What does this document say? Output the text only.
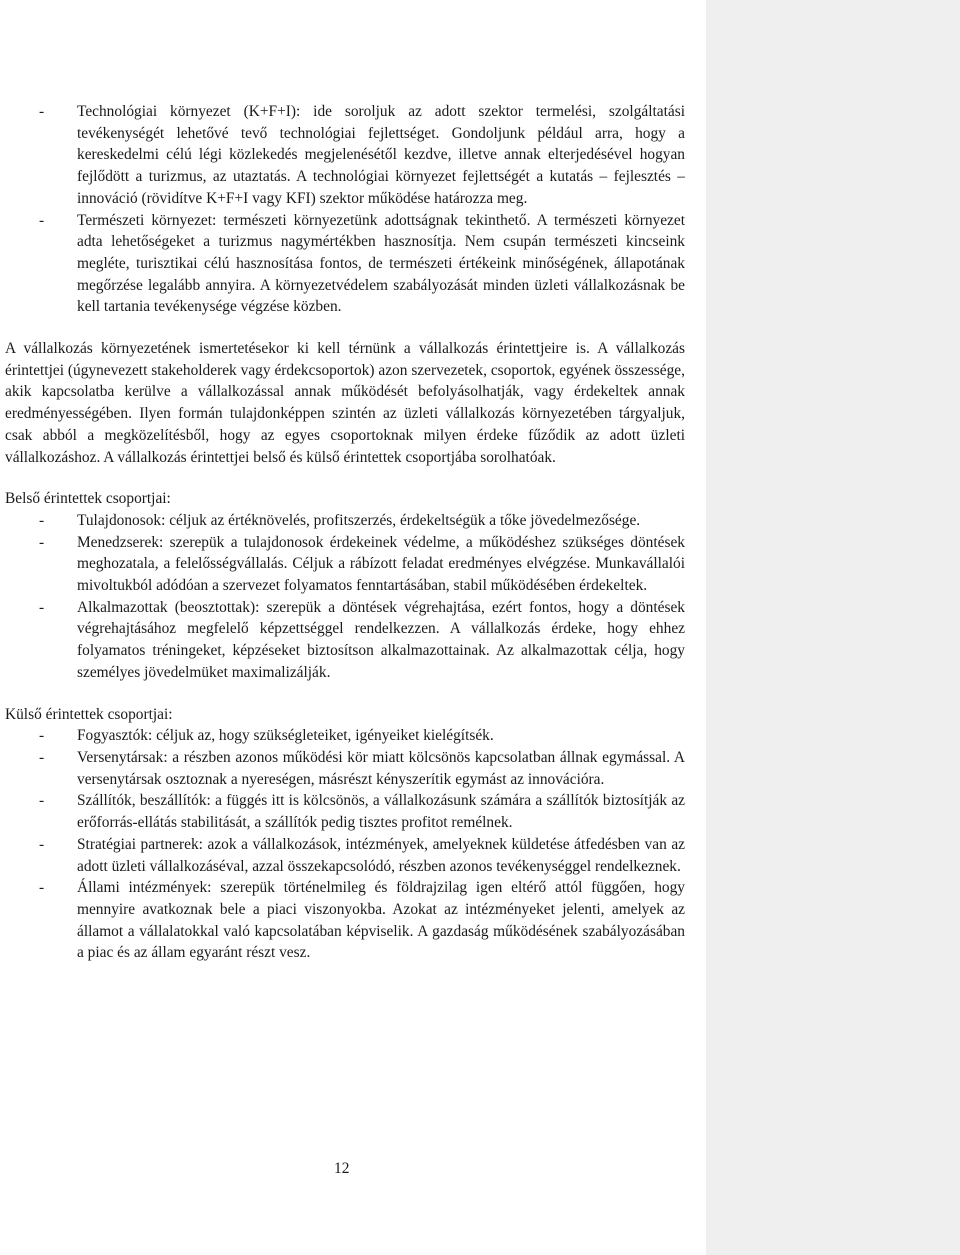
- Technológiai környezet (K+F+I): ide soroljuk az adott szektor termelési, szolgáltatási tevékenységét lehetővé tevő technológiai fejlettséget. Gondoljunk például arra, hogy a kereskedelmi célú légi közlekedés megjelenésétől kezdve, illetve annak elterjedésével hogyan fejlődött a turizmus, az utaztatás. A technológiai környezet fejlettségét a kutatás – fejlesztés – innováció (rövidítve K+F+I vagy KFI) szektor működése határozza meg.

- Természeti környezet: természeti környezetünk adottságnak tekinthető. A természeti környezet adta lehetőségeket a turizmus nagymértékben hasznosítja. Nem csupán természeti kincseink megléte, turisztikai célú hasznosítása fontos, de természeti értékeink minőségének, állapotának megőrzése legalább annyira. A környezetvédelem szabályozását minden üzleti vállalkozásnak be kell tartania tevékenysége végzése közben.

A vállalkozás környezetének ismertetésekor ki kell térnünk a vállalkozás érintettjeire is. A vállalkozás érintettjei (úgynevezett stakeholderek vagy érdekcsoportok) azon szervezetek, csoportok, egyének összessége, akik kapcsolatba kerülve a vállalkozással annak működését befolyásolhatják, vagy érdekeltek annak eredményességében. Ilyen formán tulajdonképpen szintén az üzleti vállalkozás környezetében tárgyaljuk, csak abból a megközelítésből, hogy az egyes csoportoknak milyen érdeke fűződik az adott üzleti vállalkozáshoz. A vállalkozás érintettjei belső és külső érintettek csoportjába sorolhatóak.

Belső érintettek csoportjai:

- Tulajdonosok: céljuk az értéknövelés, profitszerzés, érdekeltségük a tőke jövedelmezősége.

- Menedzserek: szerepük a tulajdonosok érdekeinek védelme, a működéshez szükséges döntések meghozatala, a felelősségvállalás. Céljuk a rábízott feladat eredményes elvégzése. Munkavállalói mivoltukból adódóan a szervezet folyamatos fenntartásában, stabil működésében érdekeltek.

- Alkalmazottak (beosztottak): szerepük a döntések végrehajtása, ezért fontos, hogy a döntések végrehajtásához megfelelő képzettséggel rendelkezzen. A vállalkozás érdeke, hogy ehhez folyamatos tréningeket, képzéseket biztosítson alkalmazottainak. Az alkalmazottak célja, hogy személyes jövedelmüket maximalizálják.

Külső érintettek csoportjai:

- Fogyasztók: céljuk az, hogy szükségleteiket, igényeiket kielégítsék.

- Versenytársak: a részben azonos működési kör miatt kölcsönös kapcsolatban állnak egymással. A versenytársak osztoznak a nyereségen, másrészt kényszerítik egymást az innovációra.

- Szállítók, beszállítók: a függés itt is kölcsönös, a vállalkozásunk számára a szállítók biztosítják az erőforrás-ellátás stabilitását, a szállítók pedig tisztes profitot remélnek.

- Stratégiai partnerek: azok a vállalkozások, intézmények, amelyeknek küldetése átfedésben van az adott üzleti vállalkozáséval, azzal összekapcsolódó, részben azonos tevékenységgel rendelkeznek.

- Állami intézmények: szerepük történelmileg és földrajzilag igen eltérő attól függően, hogy mennyire avatkoznak bele a piaci viszonyokba. Azokat az intézményeket jelenti, amelyek az államot a vállalatokkal való kapcsolatában képviselik. A gazdaság működésének szabályozásában a piac és az állam egyaránt részt vesz.

12
